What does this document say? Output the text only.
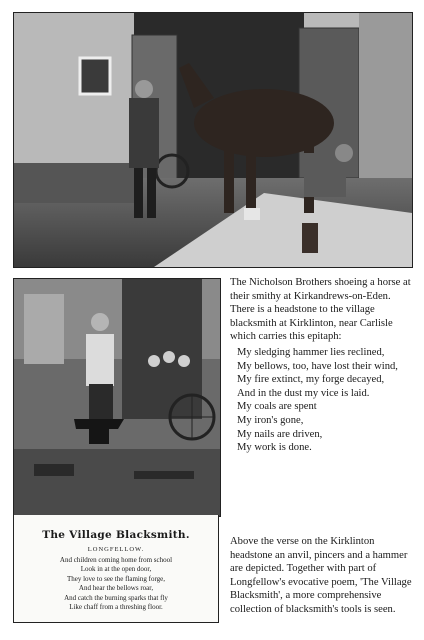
The Village Blacksmith.

LONGFELLOW.

And children coming home from school

Look in at the open door,

They love to see the flaming forge,

And hear the bellows roar,

And catch the burning sparks that fly

Like chaff from a threshing floor.

The Nicholson Brothers shoeing a horse at their smithy at Kirkandrews-on-Eden. There is a headstone to the village blacksmith at Kirklinton, near Carlisle which carries this epitaph:

My sledging hammer lies reclined,

My bellows, too, have lost their wind,

My fire extinct, my forge decayed,

And in the dust my vice is laid.

My coals are spent

My iron's gone,

My nails are driven,

My work is done.

Above the verse on the Kirklinton headstone an anvil, pincers and a hammer are depicted. Together with part of Longfellow's evocative poem, 'The Village Blacksmith', a more comprehensive collection of blacksmith's tools is seen.
